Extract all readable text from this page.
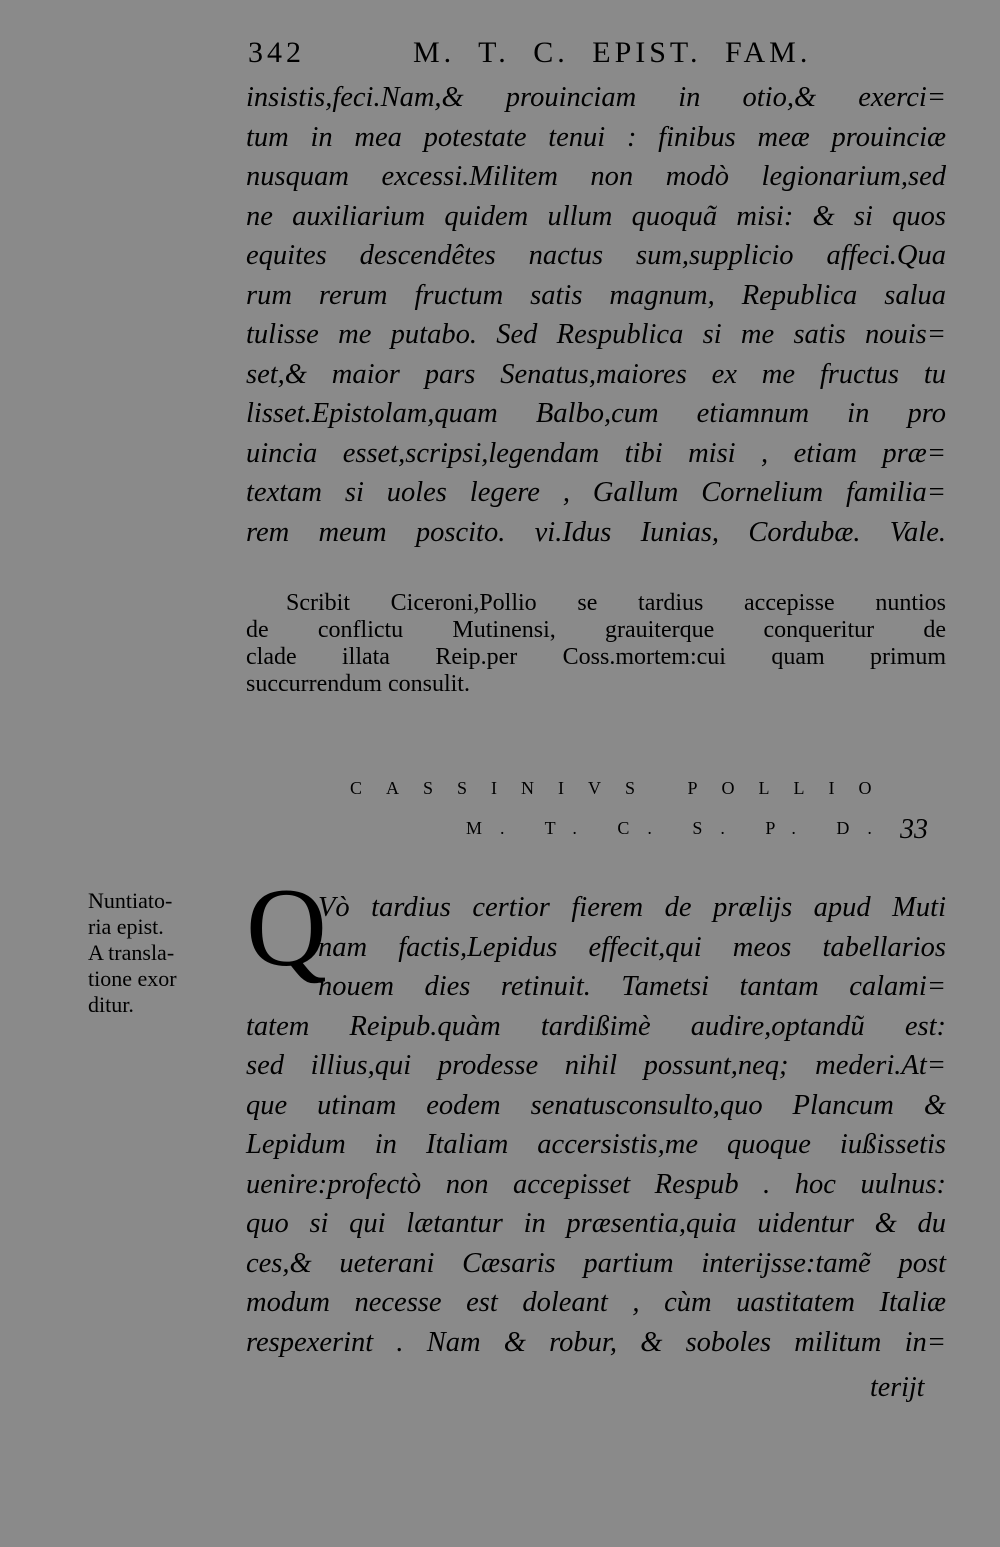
342	M. T. C. EPIST. FAM.
insistis,feci.Nam,& prouinciam in otio,& exerci=
tum in mea potestate tenui : finibus meæ prouinciæ
nusquam excessi.Militem non modò legionarium,sed
ne auxiliarium quidem ullum quoquã misi: & si quos
equites descendêtes nactus sum,supplicio affeci.Qua
rum rerum fructum satis magnum, Republica salua
tulisse me putabo. Sed Respublica si me satis nouis=
set,& maior pars Senatus,maiores ex me fructus tu
lisset.Epistolam,quam Balbo,cum etiamnum in pro
uincia esset,scripsi,legendam tibi misi , etiam præ=
textam si uoles legere , Gallum Cornelium familia=
rem meum poscito. vi.Idus Iunias, Cordubæ. Vale.
Scribit Ciceroni,Pollio se tardius accepisse nuntios
de conflictu Mutinensi, grauiterque conqueritur de
clade illata Reip.per Coss.mortem:cui quam primum
succurrendum consulit.
CASSINIVS POLLIO
M. T. C. S. P. D. 33
Nuntiato-
ria epist.
A transla-
tione exor
ditur.
Q
Vò tardius certior fierem de prælijs apud Muti
nam factis,Lepidus effecit,qui meos tabellarios
nouem dies retinuit. Tametsi tantam calami=
tatem Reipub.quàm tardißimè audire,optandũ est:
sed illius,qui prodesse nihil possunt,neq; mederi.At=
que utinam eodem senatusconsulto,quo Plancum &
Lepidum in Italiam accersistis,me quoque iußissetis
uenire:profectò non accepisset Respub . hoc uulnus:
quo si qui lætantur in præsentia,quia uidentur & du
ces,& ueterani Cæsaris partium interijsse:tamẽ post
modum necesse est doleant , cùm uastitatem Italiæ
respexerint . Nam & robur, & soboles militum in=
terijt
